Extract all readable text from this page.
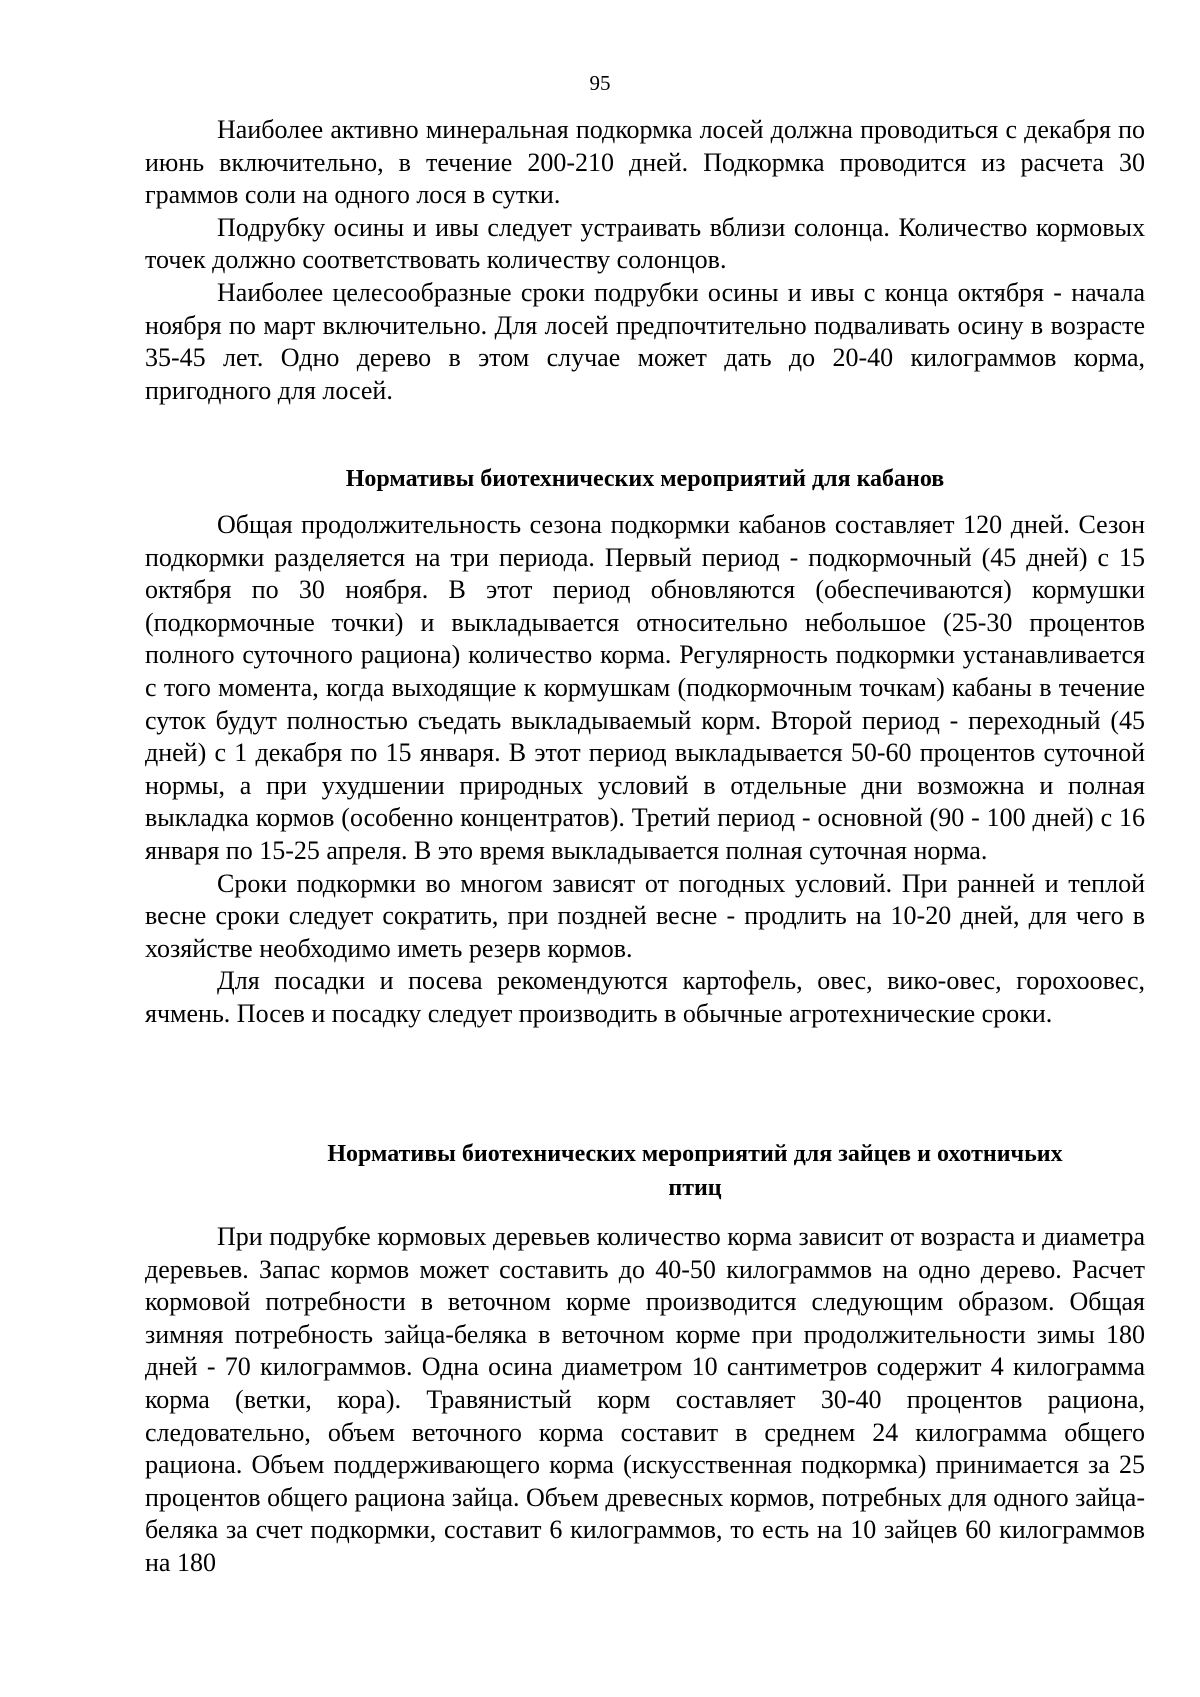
95

Наиболее активно минеральная подкормка лосей должна проводиться с декабря по июнь включительно, в течение 200-210 дней. Подкормка проводится из расчета 30 граммов соли на одного лося в сутки.

Подрубку осины и ивы следует устраивать вблизи солонца. Количество кормовых точек должно соответствовать количеству солонцов.

Наиболее целесообразные сроки подрубки осины и ивы с конца октября - начала ноября по март включительно. Для лосей предпочтительно подваливать осину в возрасте 35-45 лет. Одно дерево в этом случае может дать до 20-40 килограммов корма, пригодного для лосей.

Нормативы биотехнических мероприятий для кабанов

Общая продолжительность сезона подкормки кабанов составляет 120 дней. Сезон подкормки разделяется на три периода. Первый период - подкормочный (45 дней) с 15 октября по 30 ноября. В этот период обновляются (обеспечиваются) кормушки (подкормочные точки) и выкладывается относительно небольшое (25-30 процентов полного суточного рациона) количество корма. Регулярность подкормки устанавливается с того момента, когда выходящие к кормушкам (подкормочным точкам) кабаны в течение суток будут полностью съедать выкладываемый корм. Второй период - переходный (45 дней) с 1 декабря по 15 января. В этот период выкладывается 50-60 процентов суточной нормы, а при ухудшении природных условий в отдельные дни возможна и полная выкладка кормов (особенно концентратов). Третий период - основной (90 - 100 дней) с 16 января по 15-25 апреля. В это время выкладывается полная суточная норма.

Сроки подкормки во многом зависят от погодных условий. При ранней и теплой весне сроки следует сократить, при поздней весне - продлить на 10-20 дней, для чего в хозяйстве необходимо иметь резерв кормов.

Для посадки и посева рекомендуются картофель, овес, вико-овес, горохоовес, ячмень. Посев и посадку следует производить в обычные агротехнические сроки.

Нормативы биотехнических мероприятий для зайцев и охотничьих
птиц

При подрубке кормовых деревьев количество корма зависит от возраста и диаметра деревьев. Запас кормов может составить до 40-50 килограммов на одно дерево. Расчет кормовой потребности в веточном корме производится следующим образом. Общая зимняя потребность зайца-беляка в веточном корме при продолжительности зимы 180 дней - 70 килограммов. Одна осина диаметром 10 сантиметров содержит 4 килограмма корма (ветки, кора). Травянистый корм составляет 30-40 процентов рациона, следовательно, объем веточного корма составит в среднем 24 килограмма общего рациона. Объем поддерживающего корма (искусственная подкормка) принимается за 25 процентов общего рациона зайца. Объем древесных кормов, потребных для одного зайца-беляка за счет подкормки, составит 6 килограммов, то есть на 10 зайцев 60 килограммов на 180
